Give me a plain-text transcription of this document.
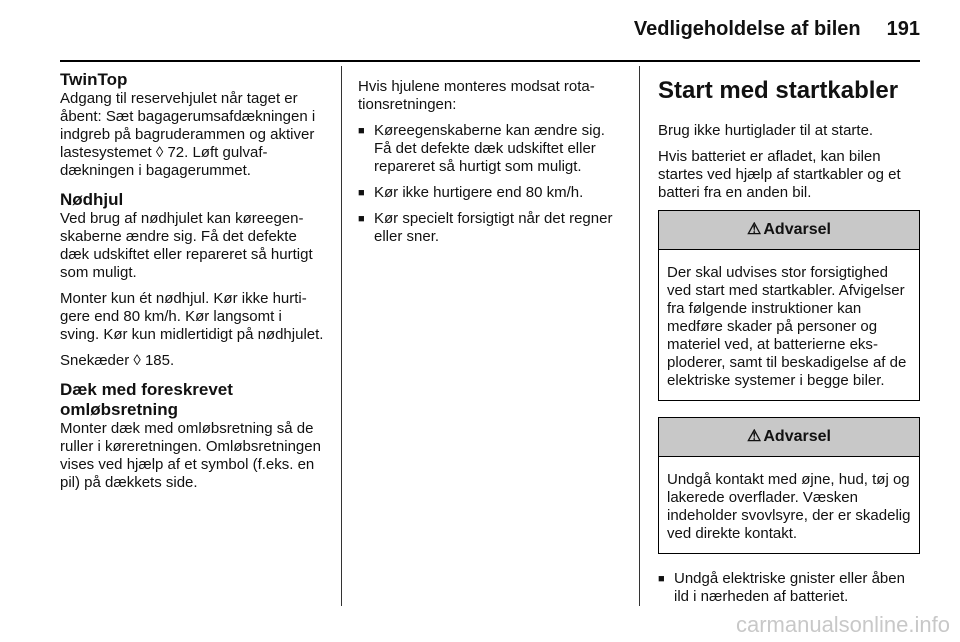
Vedligeholdelse af bilen 191
TwinTop

Adgang til reservehjulet når taget er åbent: Sæt bagagerumsafdækningen i indgreb på bagruderammen og aktiver lastesystemet ◊ 72. Løft gulvafdækningen i bagagerummet.

Nødhjul

Ved brug af nødhjulet kan køreegenskaberne ændre sig. Få det defekte dæk udskiftet eller repareret så hurtigt som muligt.

Monter kun ét nødhjul. Kør ikke hurtigere end 80 km/h. Kør langsomt i sving. Kør kun midlertidigt på nødhjulet.

Snekæder ◊ 185.

Dæk med foreskrevet omløbsretning

Monter dæk med omløbsretning så de ruller i køreretningen. Omløbsretningen vises ved hjælp af et symbol (f.eks. en pil) på dækkets side.

Hvis hjulene monteres modsat rotationsretningen:

■ Køreegenskaberne kan ændre sig. Få det defekte dæk udskiftet eller repareret så hurtigt som muligt.
■ Kør ikke hurtigere end 80 km/h.
■ Kør specielt forsigtigt når det regner eller sner.
Start med startkabler

Brug ikke hurtiglader til at starte.

Hvis batteriet er afladet, kan bilen startes ved hjælp af startkabler og et batteri fra en anden bil.

⚠ Advarsel
Der skal udvises stor forsigtighed ved start med startkabler. Afvigelser fra følgende instruktioner kan medføre skader på personer og materiel ved, at batterierne eksploderer, samt til beskadigelse af de elektriske systemer i begge biler.
⚠ Advarsel
Undgå kontakt med øjne, hud, tøj og lakerede overflader. Væsken indeholder svovlsyre, der er skadelig ved direkte kontakt.
■ Undgå elektriske gnister eller åben ild i nærheden af batteriet.
carmanualsonline.info
